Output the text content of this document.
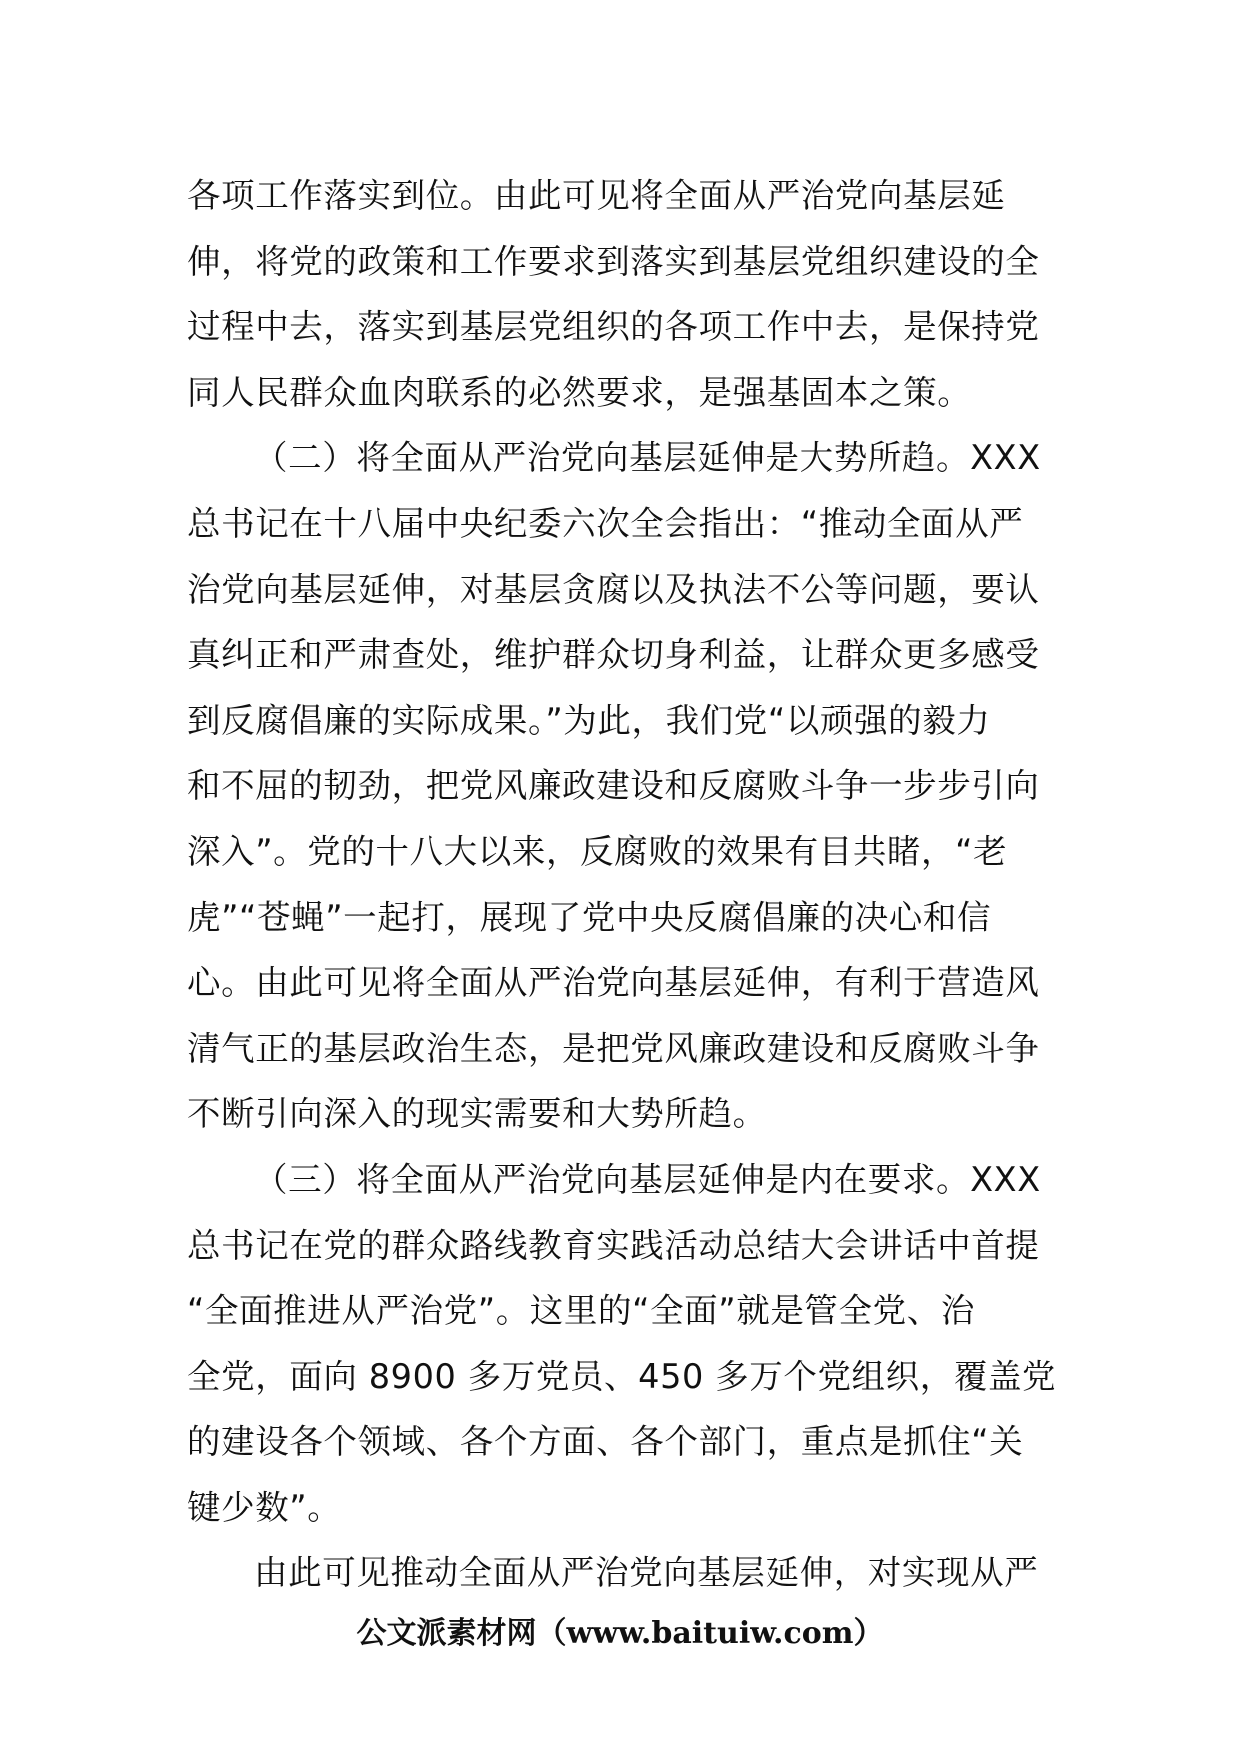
各项工作落实到位。由此可见将全面从严治党向基层延
伸，将党的政策和工作要求到落实到基层党组织建设的全
过程中去，落实到基层党组织的各项工作中去，是保持党
同人民群众血肉联系的必然要求，是强基固本之策。
（二）将全面从严治党向基层延伸是大势所趋。XXX
总书记在十八届中央纪委六次全会指出：“推动全面从严
治党向基层延伸，对基层贪腐以及执法不公等问题，要认
真纠正和严肃查处，维护群众切身利益，让群众更多感受
到反腐倡廉的实际成果。”为此，我们党“以顽强的毅力
和不屈的韧劲，把党风廉政建设和反腐败斗争一步步引向
深入”。党的十八大以来，反腐败的效果有目共睹，“老
虎”“苍蝇”一起打，展现了党中央反腐倡廉的决心和信
心。由此可见将全面从严治党向基层延伸，有利于营造风
清气正的基层政治生态，是把党风廉政建设和反腐败斗争
不断引向深入的现实需要和大势所趋。
（三）将全面从严治党向基层延伸是内在要求。XXX
总书记在党的群众路线教育实践活动总结大会讲话中首提
“全面推进从严治党”。这里的“全面”就是管全党、治
全党，面向 8900 多万党员、450 多万个党组织，覆盖党
的建设各个领域、各个方面、各个部门，重点是抓住“关
键少数”。
由此可见推动全面从严治党向基层延伸，对实现从严
公文派素材网（www.baituiw.com）
